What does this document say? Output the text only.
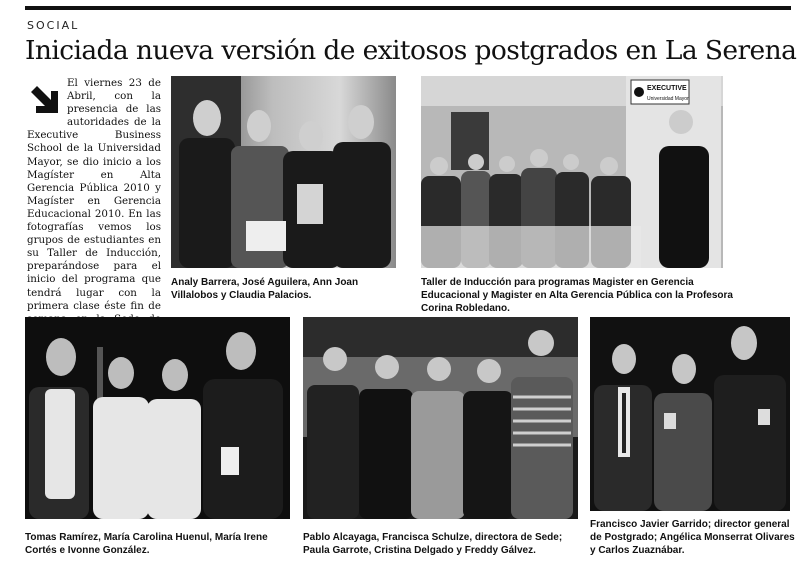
SOCIAL
Iniciada nueva versión de exitosos postgrados en La Serena
El viernes 23 de Abril, con la presencia de las autoridades de la Executive Business School de la Universidad Mayor, se dio inicio a los Magíster en Alta Gerencia Pública 2010 y Magíster en Gerencia Educacional 2010. En las fotografías vemos los grupos de estudiantes en su Taller de Inducción, preparándose para el inicio del programa que tendrá lugar con la primera clase éste fin de
Analy Barrera, José Aguilera, Ann Joan Villalobos y Claudia Palacios.
EXECUTIVE
Universidad Mayor
Taller de Inducción para programas Magister en Gerencia Educacional y Magister en Alta Gerencia Pública con la Profesora Corina Robledano.
Tomas Ramírez, María Carolina Huenul, María Irene Cortés e Ivonne González.
Pablo Alcayaga, Francisca Schulze, directora de Sede; Paula Garrote, Cristina Delgado y Freddy Gálvez.
Francisco Javier Garrido; director general de Postgrado; Angélica Monserrat Olivares y Carlos Zuaznábar.
